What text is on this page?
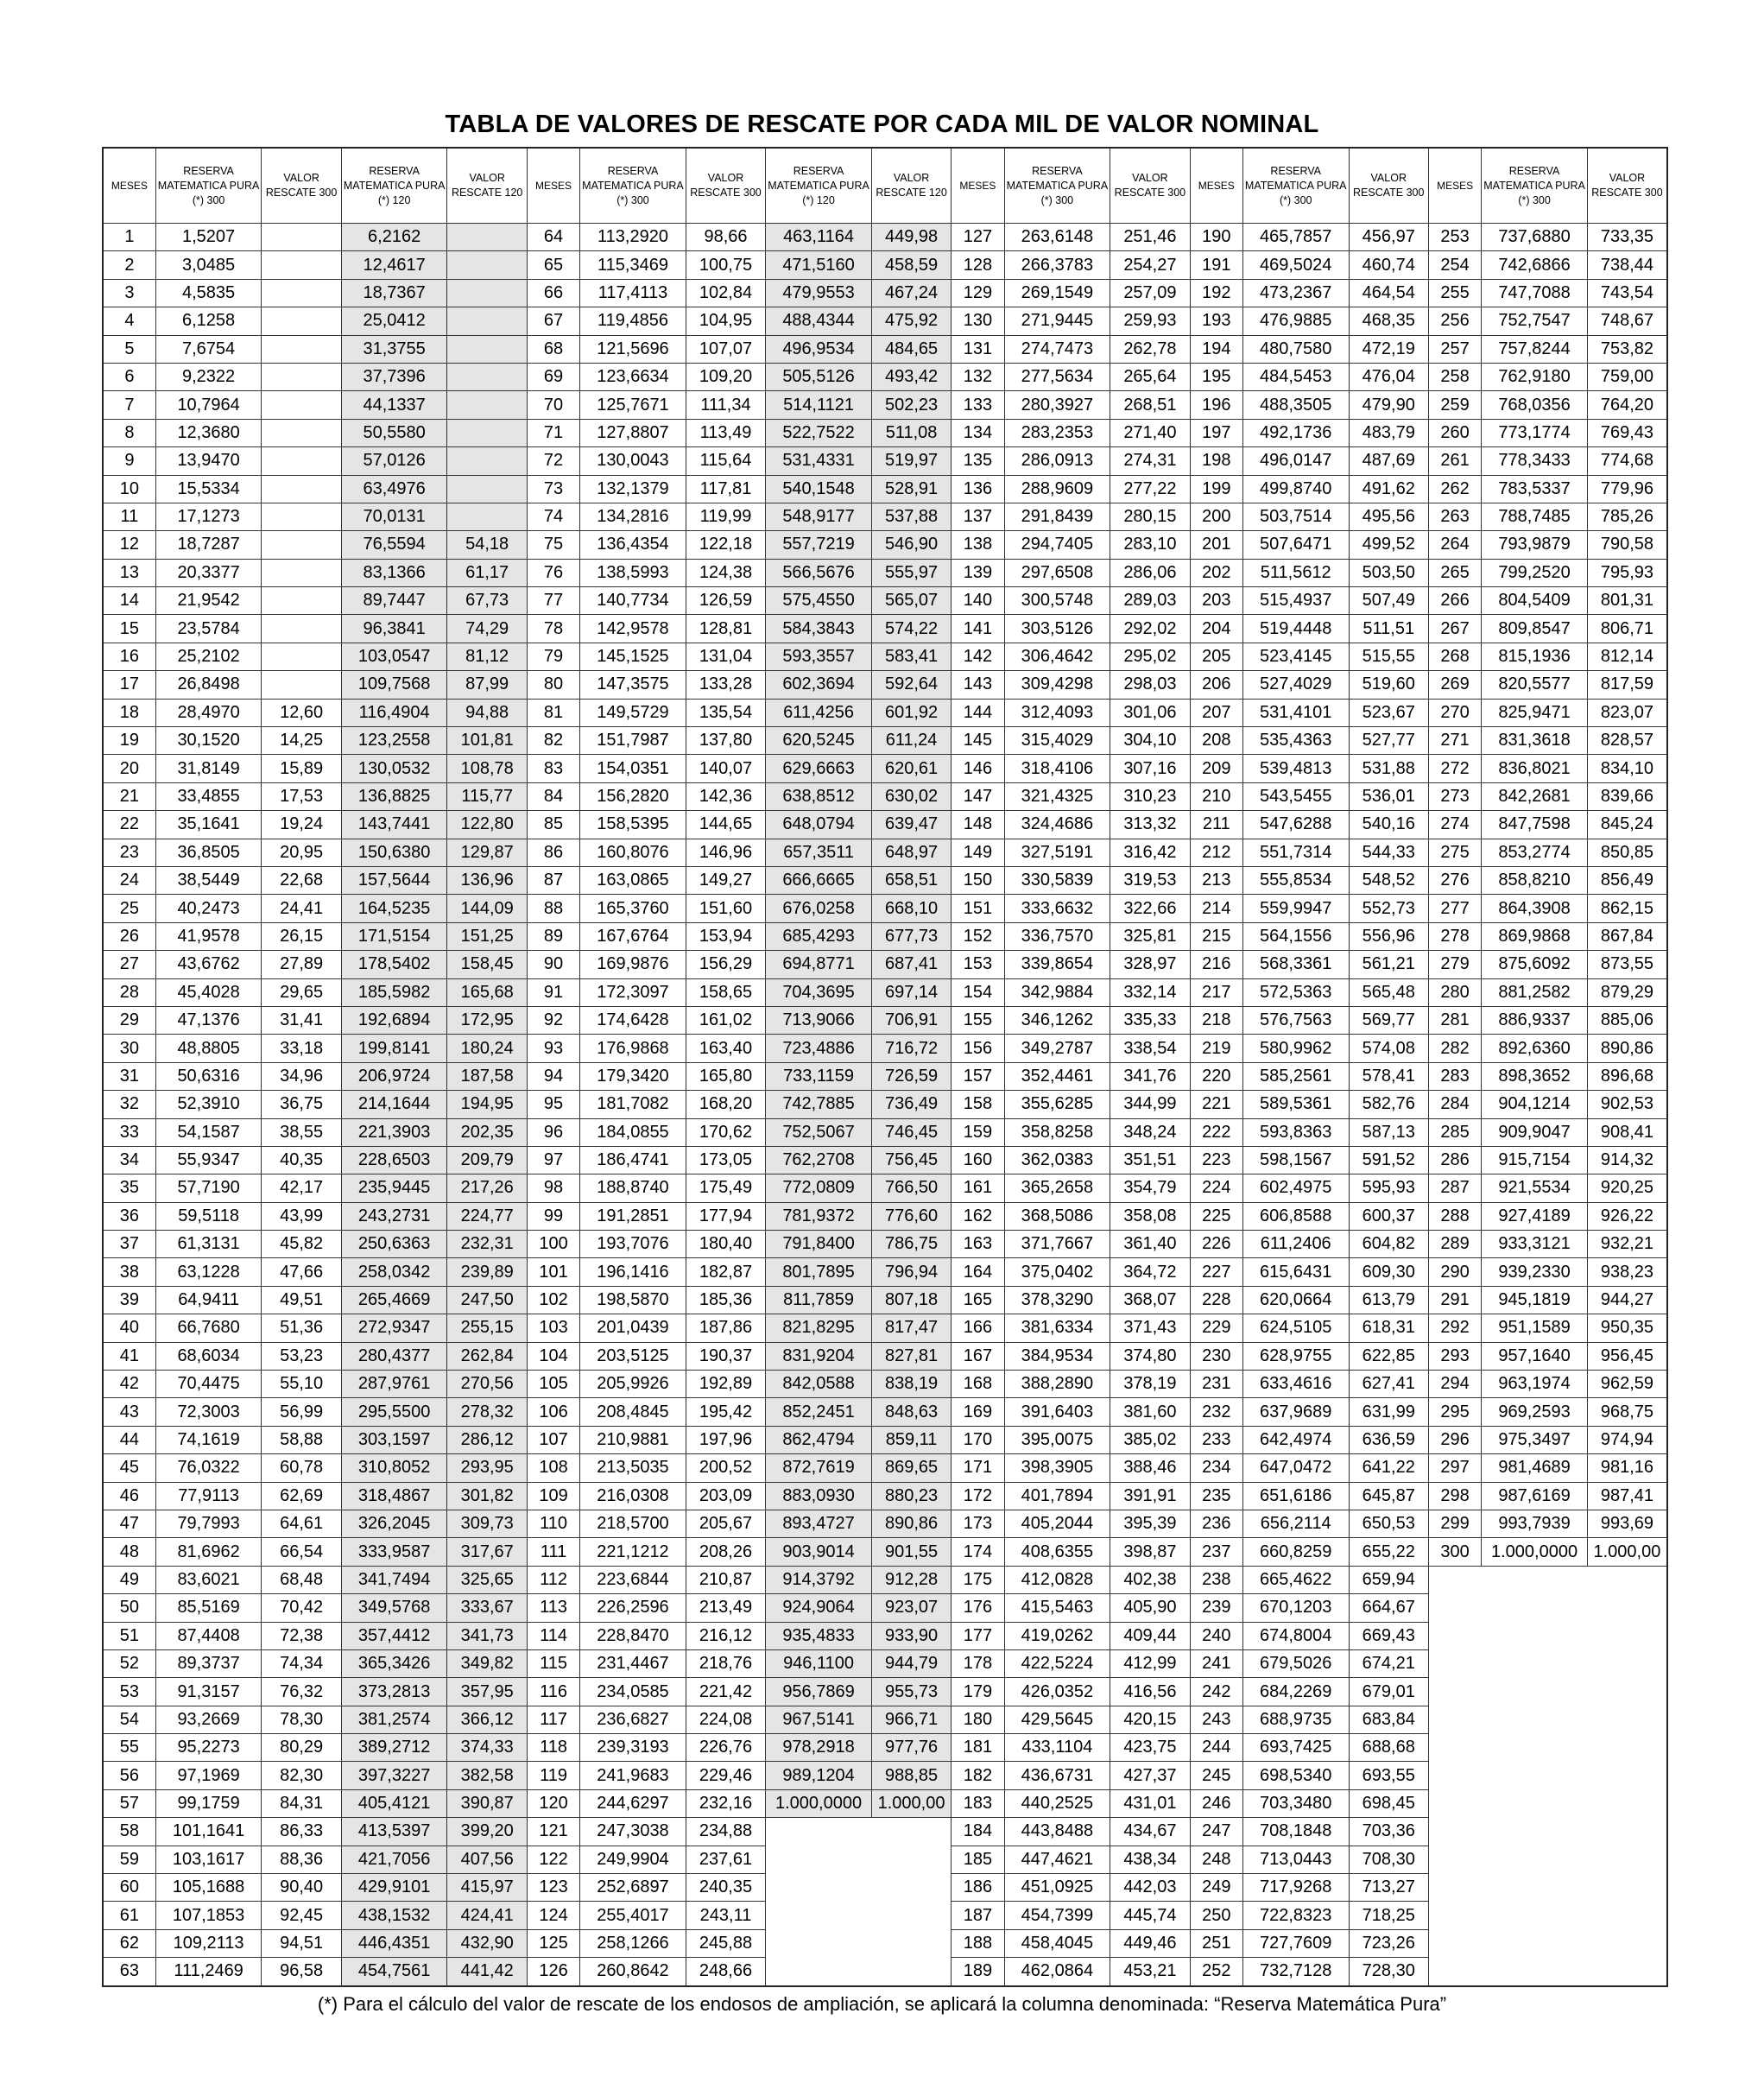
TABLA DE VALORES DE RESCATE POR CADA MIL DE VALOR NOMINAL
MESES	RESERVA MATEMATICA PURA (*) 300	VALOR RESCATE 300	RESERVA MATEMATICA PURA (*) 120	VALOR RESCATE 120	MESES	RESERVA MATEMATICA PURA (*) 300	VALOR RESCATE 300	RESERVA MATEMATICA PURA (*) 120	VALOR RESCATE 120	MESES	RESERVA MATEMATICA PURA (*) 300	VALOR RESCATE 300	MESES	RESERVA MATEMATICA PURA (*) 300	VALOR RESCATE 300	MESES	RESERVA MATEMATICA PURA (*) 300	VALOR RESCATE 300
1	1,5207		6,2162		64	113,2920	98,66	463,1164	449,98	127	263,6148	251,46	190	465,7857	456,97	253	737,6880	733,35
2	3,0485		12,4617		65	115,3469	100,75	471,5160	458,59	128	266,3783	254,27	191	469,5024	460,74	254	742,6866	738,44
3	4,5835		18,7367		66	117,4113	102,84	479,9553	467,24	129	269,1549	257,09	192	473,2367	464,54	255	747,7088	743,54
4	6,1258		25,0412		67	119,4856	104,95	488,4344	475,92	130	271,9445	259,93	193	476,9885	468,35	256	752,7547	748,67
5	7,6754		31,3755		68	121,5696	107,07	496,9534	484,65	131	274,7473	262,78	194	480,7580	472,19	257	757,8244	753,82
6	9,2322		37,7396		69	123,6634	109,20	505,5126	493,42	132	277,5634	265,64	195	484,5453	476,04	258	762,9180	759,00
7	10,7964		44,1337		70	125,7671	111,34	514,1121	502,23	133	280,3927	268,51	196	488,3505	479,90	259	768,0356	764,20
8	12,3680		50,5580		71	127,8807	113,49	522,7522	511,08	134	283,2353	271,40	197	492,1736	483,79	260	773,1774	769,43
9	13,9470		57,0126		72	130,0043	115,64	531,4331	519,97	135	286,0913	274,31	198	496,0147	487,69	261	778,3433	774,68
10	15,5334		63,4976		73	132,1379	117,81	540,1548	528,91	136	288,9609	277,22	199	499,8740	491,62	262	783,5337	779,96
11	17,1273		70,0131		74	134,2816	119,99	548,9177	537,88	137	291,8439	280,15	200	503,7514	495,56	263	788,7485	785,26
12	18,7287		76,5594	54,18	75	136,4354	122,18	557,7219	546,90	138	294,7405	283,10	201	507,6471	499,52	264	793,9879	790,58
13	20,3377		83,1366	61,17	76	138,5993	124,38	566,5676	555,97	139	297,6508	286,06	202	511,5612	503,50	265	799,2520	795,93
14	21,9542		89,7447	67,73	77	140,7734	126,59	575,4550	565,07	140	300,5748	289,03	203	515,4937	507,49	266	804,5409	801,31
15	23,5784		96,3841	74,29	78	142,9578	128,81	584,3843	574,22	141	303,5126	292,02	204	519,4448	511,51	267	809,8547	806,71
16	25,2102		103,0547	81,12	79	145,1525	131,04	593,3557	583,41	142	306,4642	295,02	205	523,4145	515,55	268	815,1936	812,14
17	26,8498		109,7568	87,99	80	147,3575	133,28	602,3694	592,64	143	309,4298	298,03	206	527,4029	519,60	269	820,5577	817,59
18	28,4970	12,60	116,4904	94,88	81	149,5729	135,54	611,4256	601,92	144	312,4093	301,06	207	531,4101	523,67	270	825,9471	823,07
19	30,1520	14,25	123,2558	101,81	82	151,7987	137,80	620,5245	611,24	145	315,4029	304,10	208	535,4363	527,77	271	831,3618	828,57
20	31,8149	15,89	130,0532	108,78	83	154,0351	140,07	629,6663	620,61	146	318,4106	307,16	209	539,4813	531,88	272	836,8021	834,10
21	33,4855	17,53	136,8825	115,77	84	156,2820	142,36	638,8512	630,02	147	321,4325	310,23	210	543,5455	536,01	273	842,2681	839,66
22	35,1641	19,24	143,7441	122,80	85	158,5395	144,65	648,0794	639,47	148	324,4686	313,32	211	547,6288	540,16	274	847,7598	845,24
23	36,8505	20,95	150,6380	129,87	86	160,8076	146,96	657,3511	648,97	149	327,5191	316,42	212	551,7314	544,33	275	853,2774	850,85
24	38,5449	22,68	157,5644	136,96	87	163,0865	149,27	666,6665	658,51	150	330,5839	319,53	213	555,8534	548,52	276	858,8210	856,49
25	40,2473	24,41	164,5235	144,09	88	165,3760	151,60	676,0258	668,10	151	333,6632	322,66	214	559,9947	552,73	277	864,3908	862,15
26	41,9578	26,15	171,5154	151,25	89	167,6764	153,94	685,4293	677,73	152	336,7570	325,81	215	564,1556	556,96	278	869,9868	867,84
27	43,6762	27,89	178,5402	158,45	90	169,9876	156,29	694,8771	687,41	153	339,8654	328,97	216	568,3361	561,21	279	875,6092	873,55
28	45,4028	29,65	185,5982	165,68	91	172,3097	158,65	704,3695	697,14	154	342,9884	332,14	217	572,5363	565,48	280	881,2582	879,29
29	47,1376	31,41	192,6894	172,95	92	174,6428	161,02	713,9066	706,91	155	346,1262	335,33	218	576,7563	569,77	281	886,9337	885,06
30	48,8805	33,18	199,8141	180,24	93	176,9868	163,40	723,4886	716,72	156	349,2787	338,54	219	580,9962	574,08	282	892,6360	890,86
31	50,6316	34,96	206,9724	187,58	94	179,3420	165,80	733,1159	726,59	157	352,4461	341,76	220	585,2561	578,41	283	898,3652	896,68
32	52,3910	36,75	214,1644	194,95	95	181,7082	168,20	742,7885	736,49	158	355,6285	344,99	221	589,5361	582,76	284	904,1214	902,53
33	54,1587	38,55	221,3903	202,35	96	184,0855	170,62	752,5067	746,45	159	358,8258	348,24	222	593,8363	587,13	285	909,9047	908,41
34	55,9347	40,35	228,6503	209,79	97	186,4741	173,05	762,2708	756,45	160	362,0383	351,51	223	598,1567	591,52	286	915,7154	914,32
35	57,7190	42,17	235,9445	217,26	98	188,8740	175,49	772,0809	766,50	161	365,2658	354,79	224	602,4975	595,93	287	921,5534	920,25
36	59,5118	43,99	243,2731	224,77	99	191,2851	177,94	781,9372	776,60	162	368,5086	358,08	225	606,8588	600,37	288	927,4189	926,22
37	61,3131	45,82	250,6363	232,31	100	193,7076	180,40	791,8400	786,75	163	371,7667	361,40	226	611,2406	604,82	289	933,3121	932,21
38	63,1228	47,66	258,0342	239,89	101	196,1416	182,87	801,7895	796,94	164	375,0402	364,72	227	615,6431	609,30	290	939,2330	938,23
39	64,9411	49,51	265,4669	247,50	102	198,5870	185,36	811,7859	807,18	165	378,3290	368,07	228	620,0664	613,79	291	945,1819	944,27
40	66,7680	51,36	272,9347	255,15	103	201,0439	187,86	821,8295	817,47	166	381,6334	371,43	229	624,5105	618,31	292	951,1589	950,35
41	68,6034	53,23	280,4377	262,84	104	203,5125	190,37	831,9204	827,81	167	384,9534	374,80	230	628,9755	622,85	293	957,1640	956,45
42	70,4475	55,10	287,9761	270,56	105	205,9926	192,89	842,0588	838,19	168	388,2890	378,19	231	633,4616	627,41	294	963,1974	962,59
43	72,3003	56,99	295,5500	278,32	106	208,4845	195,42	852,2451	848,63	169	391,6403	381,60	232	637,9689	631,99	295	969,2593	968,75
44	74,1619	58,88	303,1597	286,12	107	210,9881	197,96	862,4794	859,11	170	395,0075	385,02	233	642,4974	636,59	296	975,3497	974,94
45	76,0322	60,78	310,8052	293,95	108	213,5035	200,52	872,7619	869,65	171	398,3905	388,46	234	647,0472	641,22	297	981,4689	981,16
46	77,9113	62,69	318,4867	301,82	109	216,0308	203,09	883,0930	880,23	172	401,7894	391,91	235	651,6186	645,87	298	987,6169	987,41
47	79,7993	64,61	326,2045	309,73	110	218,5700	205,67	893,4727	890,86	173	405,2044	395,39	236	656,2114	650,53	299	993,7939	993,69
48	81,6962	66,54	333,9587	317,67	111	221,1212	208,26	903,9014	901,55	174	408,6355	398,87	237	660,8259	655,22	300	1.000,0000	1.000,00
49	83,6021	68,48	341,7494	325,65	112	223,6844	210,87	914,3792	912,28	175	412,0828	402,38	238	665,4622	659,94			
50	85,5169	70,42	349,5768	333,67	113	226,2596	213,49	924,9064	923,07	176	415,5463	405,90	239	670,1203	664,67			
51	87,4408	72,38	357,4412	341,73	114	228,8470	216,12	935,4833	933,90	177	419,0262	409,44	240	674,8004	669,43			
52	89,3737	74,34	365,3426	349,82	115	231,4467	218,76	946,1100	944,79	178	422,5224	412,99	241	679,5026	674,21			
53	91,3157	76,32	373,2813	357,95	116	234,0585	221,42	956,7869	955,73	179	426,0352	416,56	242	684,2269	679,01			
54	93,2669	78,30	381,2574	366,12	117	236,6827	224,08	967,5141	966,71	180	429,5645	420,15	243	688,9735	683,84			
55	95,2273	80,29	389,2712	374,33	118	239,3193	226,76	978,2918	977,76	181	433,1104	423,75	244	693,7425	688,68			
56	97,1969	82,30	397,3227	382,58	119	241,9683	229,46	989,1204	988,85	182	436,6731	427,37	245	698,5340	693,55			
57	99,1759	84,31	405,4121	390,87	120	244,6297	232,16	1.000,0000	1.000,00	183	440,2525	431,01	246	703,3480	698,45			
58	101,1641	86,33	413,5397	399,20	121	247,3038	234,88			184	443,8488	434,67	247	708,1848	703,36			
59	103,1617	88,36	421,7056	407,56	122	249,9904	237,61			185	447,4621	438,34	248	713,0443	708,30			
60	105,1688	90,40	429,9101	415,97	123	252,6897	240,35			186	451,0925	442,03	249	717,9268	713,27			
61	107,1853	92,45	438,1532	424,41	124	255,4017	243,11			187	454,7399	445,74	250	722,8323	718,25			
62	109,2113	94,51	446,4351	432,90	125	258,1266	245,88			188	458,4045	449,46	251	727,7609	723,26			
63	111,2469	96,58	454,7561	441,42	126	260,8642	248,66			189	462,0864	453,21	252	732,7128	728,30			
(*) Para el cálculo del valor de rescate de los endosos de ampliación, se aplicará la columna denominada: “Reserva Matemática Pura”
